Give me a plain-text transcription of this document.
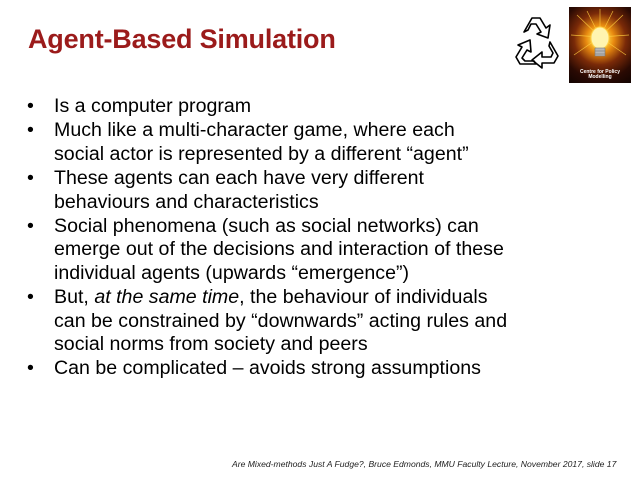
Agent-Based Simulation
Centre for Policy Modelling
• Is a computer program
• Much like a multi-character game, where each
social actor is represented by a different “agent”
• These agents can each have very different
behaviours and characteristics
• Social phenomena (such as social networks) can
emerge out of the decisions and interaction of these
individual agents (upwards “emergence”)
• But, at the same time, the behaviour of individuals
can be constrained by “downwards” acting rules and
social norms from society and peers
• Can be complicated – avoids strong assumptions
Are Mixed-methods Just A Fudge?, Bruce Edmonds, MMU Faculty Lecture, November 2017, slide 17
